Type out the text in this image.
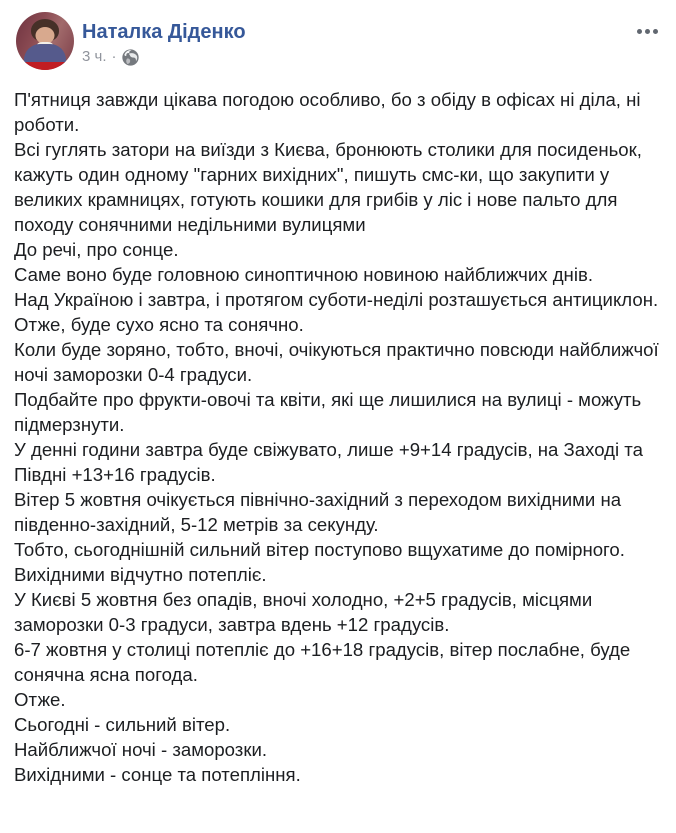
Наталка Діденко
3 ч. ·
П'ятниця завжди цікава погодою особливо, бо з обіду в офісах ні діла, ні роботи.
Всі гуглять затори на виїзди з Києва, бронюють столики для посиденьок, кажуть один одному "гарних вихідних", пишуть смс-ки, що закупити у великих крамницях, готують кошики для грибів у ліс і нове пальто для походу сонячними недільними вулицями
До речі, про сонце.
Саме воно буде головною синоптичною новиною найближчих днів.
Над Україною і завтра, і протягом суботи-неділі розташується антициклон.
Отже, буде сухо ясно та сонячно.
Коли буде зоряно, тобто, вночі, очікуються практично повсюди найближчої ночі заморозки 0-4 градуси.
Подбайте про фрукти-овочі та квіти, які ще лишилися на вулиці - можуть підмерзнути.
У денні години завтра буде свіжувато, лише +9+14 градусів, на Заході та Півдні +13+16 градусів.
Вітер 5 жовтня очікується північно-західний з переходом вихідними на південно-західний, 5-12 метрів за секунду.
Тобто, сьогоднішній сильний вітер поступово вщухатиме до помірного.
Вихідними відчутно потепліє.
У Києві 5 жовтня без опадів, вночі холодно, +2+5 градусів, місцями заморозки 0-3 градуси, завтра вдень +12 градусів.
6-7 жовтня у столиці потепліє до +16+18 градусів, вітер послабне, буде сонячна ясна погода.
Отже.
Сьогодні - сильний вітер.
Найближчої ночі - заморозки.
Вихідними - сонце та потепління.
